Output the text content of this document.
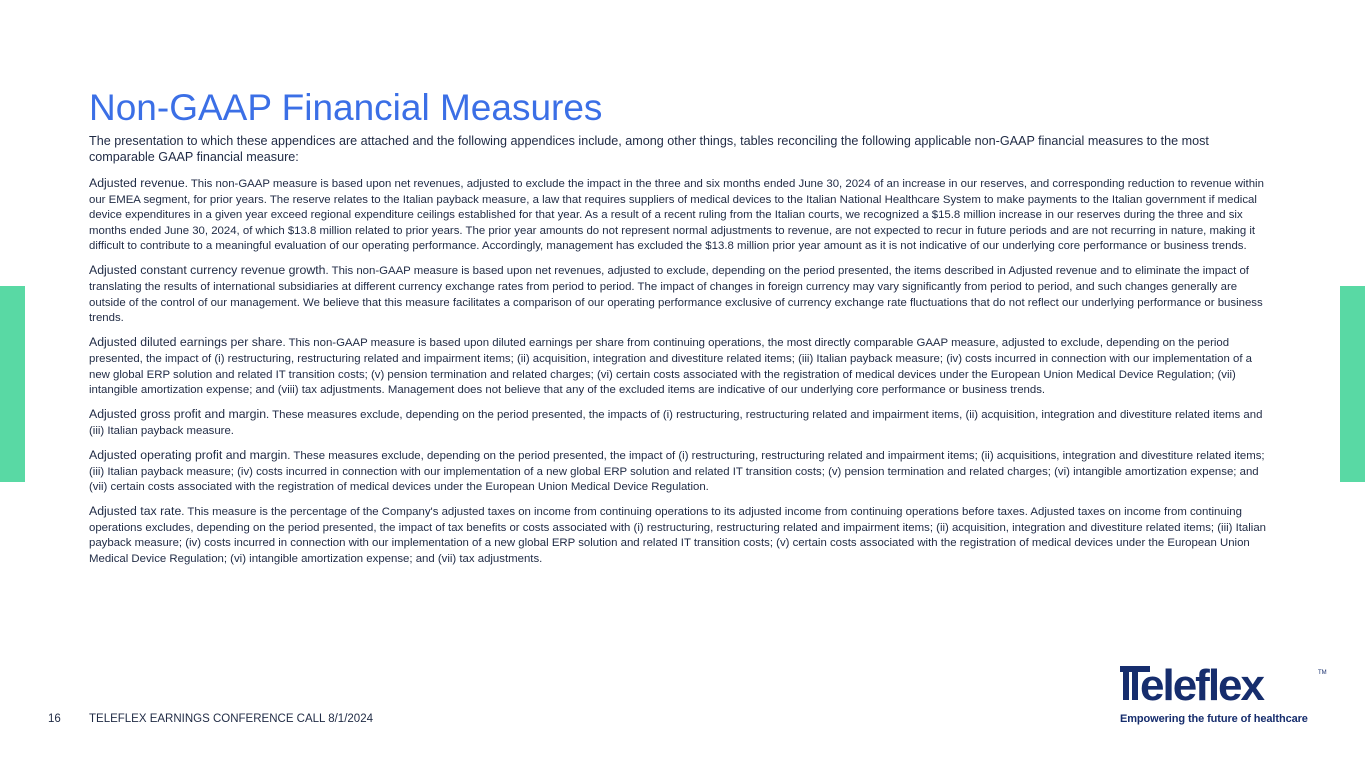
Non-GAAP Financial Measures

The presentation to which these appendices are attached and the following appendices include, among other things, tables reconciling the following applicable non-GAAP financial measures to the most comparable GAAP financial measure:

Adjusted revenue. This non-GAAP measure is based upon net revenues, adjusted to exclude the impact in the three and six months ended June 30, 2024 of an increase in our reserves, and corresponding reduction to revenue within our EMEA segment, for prior years. The reserve relates to the Italian payback measure, a law that requires suppliers of medical devices to the Italian National Healthcare System to make payments to the Italian government if medical device expenditures in a given year exceed regional expenditure ceilings established for that year. As a result of a recent ruling from the Italian courts, we recognized a $15.8 million increase in our reserves during the three and six months ended June 30, 2024, of which $13.8 million related to prior years. The prior year amounts do not represent normal adjustments to revenue, are not expected to recur in future periods and are not recurring in nature, making it difficult to contribute to a meaningful evaluation of our operating performance. Accordingly, management has excluded the $13.8 million prior year amount as it is not indicative of our underlying core performance or business trends.

Adjusted constant currency revenue growth. This non-GAAP measure is based upon net revenues, adjusted to exclude, depending on the period presented, the items described in Adjusted revenue and to eliminate the impact of translating the results of international subsidiaries at different currency exchange rates from period to period. The impact of changes in foreign currency may vary significantly from period to period, and such changes generally are outside of the control of our management. We believe that this measure facilitates a comparison of our operating performance exclusive of currency exchange rate fluctuations that do not reflect our underlying performance or business trends.

Adjusted diluted earnings per share. This non-GAAP measure is based upon diluted earnings per share from continuing operations, the most directly comparable GAAP measure, adjusted to exclude, depending on the period presented, the impact of (i) restructuring, restructuring related and impairment items; (ii) acquisition, integration and divestiture related items; (iii) Italian payback measure; (iv) costs incurred in connection with our implementation of a new global ERP solution and related IT transition costs; (v) pension termination and related charges; (vi) certain costs associated with the registration of medical devices under the European Union Medical Device Regulation; (vii) intangible amortization expense; and (viii) tax adjustments. Management does not believe that any of the excluded items are indicative of our underlying core performance or business trends.

Adjusted gross profit and margin. These measures exclude, depending on the period presented, the impacts of (i) restructuring, restructuring related and impairment items, (ii) acquisition, integration and divestiture related items and (iii) Italian payback measure.

Adjusted operating profit and margin. These measures exclude, depending on the period presented, the impact of (i) restructuring, restructuring related and impairment items; (ii) acquisitions, integration and divestiture related items; (iii) Italian payback measure; (iv) costs incurred in connection with our implementation of a new global ERP solution and related IT transition costs; (v) pension termination and related charges; (vi) intangible amortization expense; and (vii) certain costs associated with the registration of medical devices under the European Union Medical Device Regulation.

Adjusted tax rate. This measure is the percentage of the Company's adjusted taxes on income from continuing operations to its adjusted income from continuing operations before taxes. Adjusted taxes on income from continuing operations excludes, depending on the period presented, the impact of tax benefits or costs associated with (i) restructuring, restructuring related and impairment items; (ii) acquisition, integration and divestiture related items; (iii) Italian payback measure; (iv) costs incurred in connection with our implementation of a new global ERP solution and related IT transition costs; (v) certain costs associated with the registration of medical devices under the European Union Medical Device Regulation; (vi) intangible amortization expense; and (vii) tax adjustments.

16 TELEFLEX EARNINGS CONFERENCE CALL 8/1/2024
eleflex	TM
Empowering the future of healthcare
